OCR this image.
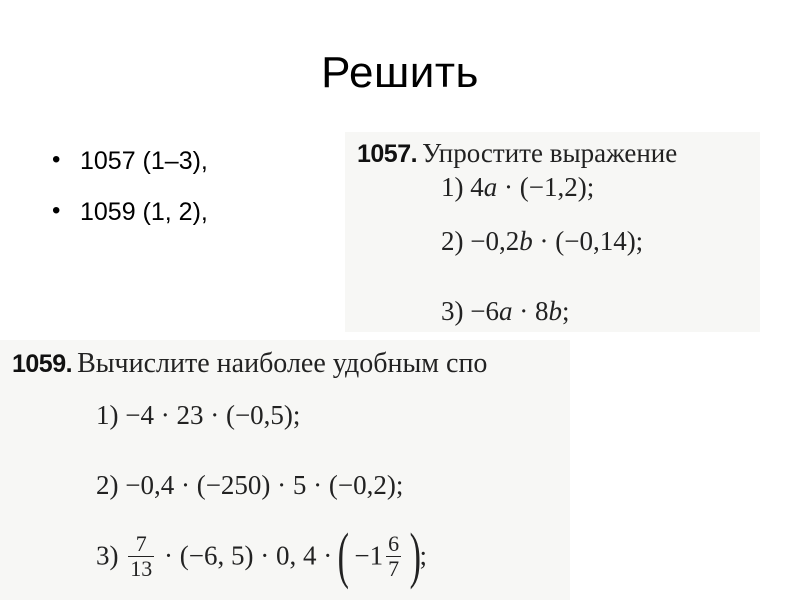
Решить
• 1057 (1–3),
• 1059 (1, 2),
1057. Упростите выражение
1) 4a · (−1,2);
2) −0,2b · (−0,14);
3) −6a · 8b;
1059. Вычислите наиболее удобным спо
1) −4 · 23 · (−0,5);
2) −0,4 · (−250) · 5 · (−0,2);
$3) \frac{7}{13} \cdot (-6$, 5) · 0, 4 · ( $-1 \frac{6}{7}$ );
